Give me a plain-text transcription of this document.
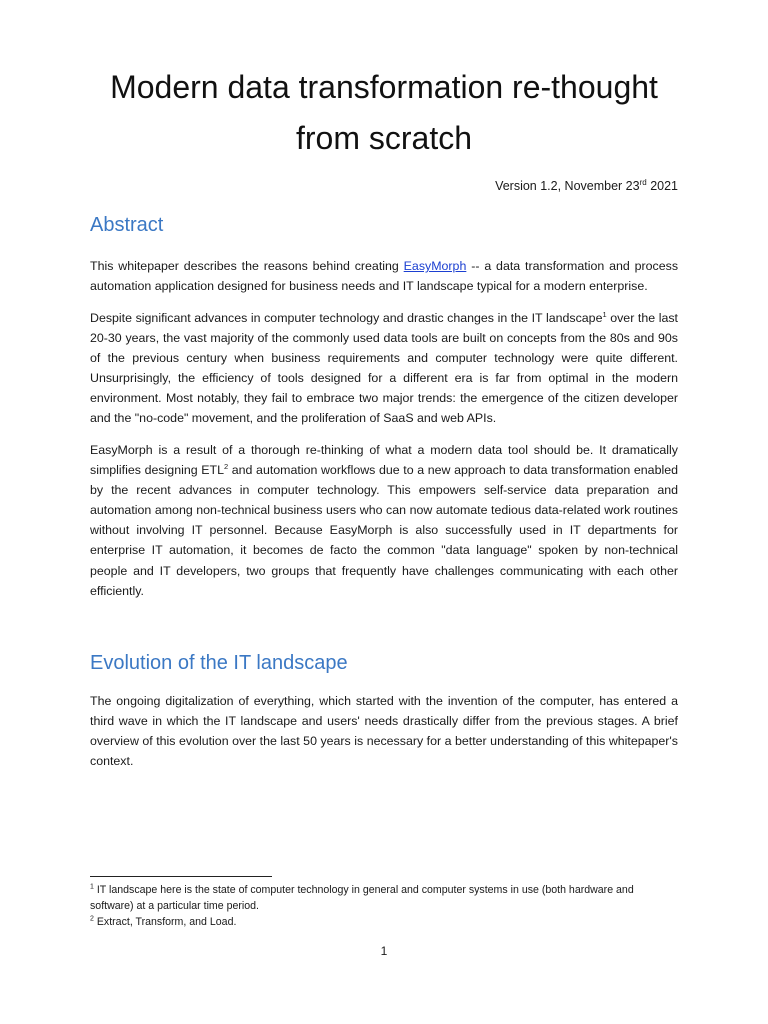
Modern data transformation re-thought
from scratch
Version 1.2, November 23rd 2021
Abstract

This whitepaper describes the reasons behind creating EasyMorph -- a data transformation and process automation application designed for business needs and IT landscape typical for a modern enterprise.

Despite significant advances in computer technology and drastic changes in the IT landscape$^1$ over the last 20-30 years, the vast majority of the commonly used data tools are built on concepts from the 80s and 90s of the previous century when business requirements and computer technology were quite different. Unsurprisingly, the efficiency of tools designed for a different era is far from optimal in the modern environment. Most notably, they fail to embrace two major trends: the emergence of the citizen developer and the "no-code" movement, and the proliferation of SaaS and web APIs.

EasyMorph is a result of a thorough re-thinking of what a modern data tool should be. It dramatically simplifies designing ETL$^2$ and automation workflows due to a new approach to data transformation enabled by the recent advances in computer technology. This empowers self-service data preparation and automation among non-technical business users who can now automate tedious data-related work routines without involving IT personnel. Because EasyMorph is also successfully used in IT departments for enterprise IT automation, it becomes de facto the common "data language" spoken by non-technical people and IT developers, two groups that frequently have challenges communicating with each other efficiently.

Evolution of the IT landscape

The ongoing digitalization of everything, which started with the invention of the computer, has entered a third wave in which the IT landscape and users' needs drastically differ from the previous stages. A brief overview of this evolution over the last 50 years is necessary for a better understanding of this whitepaper's context.

$^1$ IT landscape here is the state of computer technology in general and computer systems in use (both hardware and software) at a particular time period.

$^2$ Extract, Transform, and Load.

1
